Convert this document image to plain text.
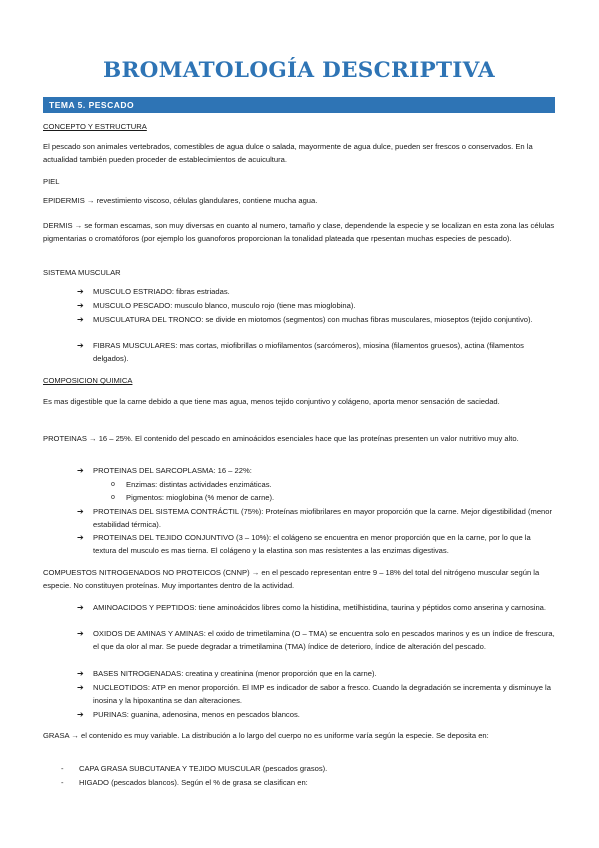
BROMATOLOGÍA DESCRIPTIVA
TEMA 5. PESCADO
CONCEPTO Y ESTRUCTURA
El pescado son animales vertebrados, comestibles de agua dulce o salada, mayormente de agua dulce, pueden ser frescos o conservados. En la actualidad también pueden proceder de establecimientos de acuicultura.
PIEL
EPIDERMIS → revestimiento viscoso, células glandulares, contiene mucha agua.
DERMIS → se forman escamas, son muy diversas en cuanto al numero, tamaño y clase, dependende la especie y se localizan en esta zona las células pigmentarias o cromatóforos (por ejemplo los guanoforos proporcionan la tonalidad plateada que rpesentan muchas especies de pescado).
SISTEMA MUSCULAR
➔ MUSCULO ESTRIADO: fibras estriadas.
➔ MUSCULO PESCADO: musculo blanco, musculo rojo (tiene mas mioglobina).
➔ MUSCULATURA DEL TRONCO: se divide en miotomos (segmentos) con muchas fibras musculares, mioseptos (tejido conjuntivo).
➔ FIBRAS MUSCULARES: mas cortas, miofibrillas o miofilamentos (sarcómeros), miosina (filamentos gruesos), actina (filamentos delgados).
COMPOSICION QUIMICA
Es mas digestible que la carne debido a que tiene mas agua, menos tejido conjuntivo y colágeno, aporta menor sensación de saciedad.
PROTEINAS → 16 – 25%. El contenido del pescado en aminoácidos esenciales hace que las proteínas presenten un valor nutritivo muy alto.
➔ PROTEINAS DEL SARCOPLASMA: 16 – 22%:
o Enzimas: distintas actividades enzimáticas.
o Pigmentos: mioglobina (% menor de carne).
➔ PROTEINAS DEL SISTEMA CONTRÁCTIL (75%): Proteínas miofibrilares en mayor proporción que la carne. Mejor digestibilidad (menor estabilidad térmica).
➔ PROTEINAS DEL TEJIDO CONJUNTIVO (3 – 10%): el colágeno se encuentra en menor proporción que en la carne, por lo que la textura del musculo es mas tierna. El colágeno y la elastina son mas resistentes a las enzimas digestivas.
COMPUESTOS NITROGENADOS NO PROTEICOS (CNNP) → en el pescado representan entre 9 – 18% del total del nitrógeno muscular según la especie. No constituyen proteínas. Muy importantes dentro de la actividad.
➔ AMINOACIDOS Y PEPTIDOS: tiene aminoácidos libres como la histidina, metilhistidina, taurina y péptidos como anserina y carnosina.
➔ OXIDOS DE AMINAS Y AMINAS: el oxido de trimetilamina (O – TMA) se encuentra solo en pescados marinos y es un índice de frescura, el que da olor al mar. Se puede degradar a trimetilamina (TMA) índice de deterioro, índice de alteración del pescado.
➔ BASES NITROGENADAS: creatina y creatinina (menor proporción que en la carne).
➔ NUCLEOTIDOS: ATP en menor proporción. El IMP es indicador de sabor a fresco. Cuando la degradación se incrementa y disminuye la inosina y la hipoxantina se dan alteraciones.
➔ PURINAS: guanina, adenosina, menos en pescados blancos.
GRASA → el contenido es muy variable. La distribución a lo largo del cuerpo no es uniforme varía según la especie. Se deposita en:
- CAPA GRASA SUBCUTANEA Y TEJIDO MUSCULAR (pescados grasos).
- HIGADO (pescados blancos). Según el % de grasa se clasifican en:
